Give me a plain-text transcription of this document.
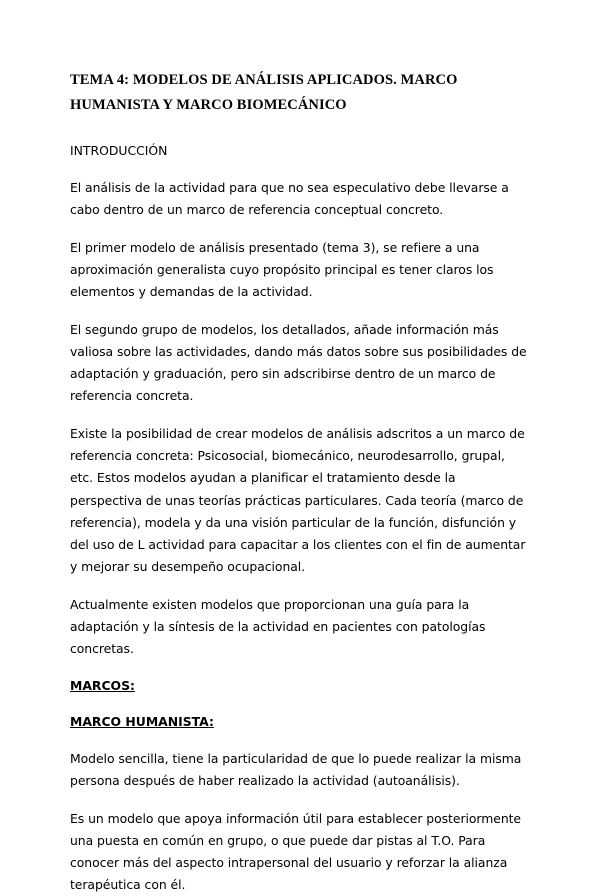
TEMA 4: MODELOS DE ANÁLISIS APLICADOS. MARCO HUMANISTA Y MARCO BIOMECÁNICO
INTRODUCCIÓN

El análisis de la actividad para que no sea especulativo debe llevarse a cabo dentro de un marco de referencia conceptual concreto.

El primer modelo de análisis presentado (tema 3), se refiere a una aproximación generalista cuyo propósito principal es tener claros los elementos y demandas de la actividad.

El segundo grupo de modelos, los detallados, añade información más valiosa sobre las actividades, dando más datos sobre sus posibilidades de adaptación y graduación, pero sin adscribirse dentro de un marco de referencia concreta.

Existe la posibilidad de crear modelos de análisis adscritos a un marco de referencia concreta: Psicosocial, biomecánico, neurodesarrollo, grupal, etc. Estos modelos ayudan a planificar el tratamiento desde la perspectiva de unas teorías prácticas particulares. Cada teoría (marco de referencia), modela y da una visión particular de la función, disfunción y del uso de L actividad para capacitar a los clientes con el fin de aumentar y mejorar su desempeño ocupacional.

Actualmente existen modelos que proporcionan una guía para la adaptación y la síntesis de la actividad en pacientes con patologías concretas.

MARCOS:
MARCO HUMANISTA:

Modelo sencilla, tiene la particularidad de que lo puede realizar la misma persona después de haber realizado la actividad (autoanálisis).

Es un modelo que apoya información útil para establecer posteriormente una puesta en común en grupo, o que puede dar pistas al T.O. Para conocer más del aspecto intrapersonal del usuario y reforzar la alianza terapéutica con él.
